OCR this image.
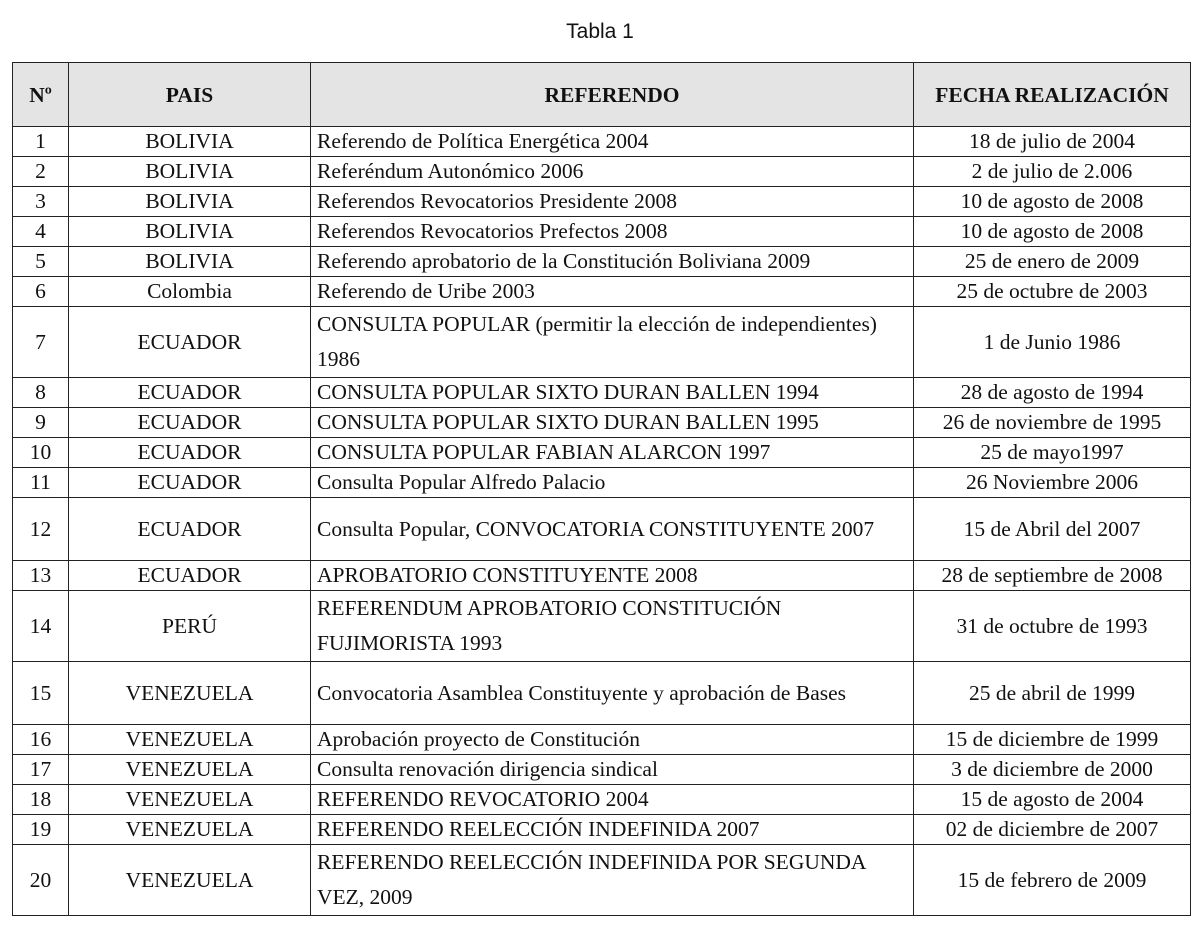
Tabla 1
Nº	PAIS	REFERENDO	FECHA REALIZACIÓN
1	BOLIVIA	Referendo de Política Energética 2004	18 de julio de 2004
2	BOLIVIA	Referéndum Autonómico 2006	2 de julio de 2.006
3	BOLIVIA	Referendos Revocatorios Presidente 2008	10 de agosto de 2008
4	BOLIVIA	Referendos Revocatorios Prefectos 2008	10 de agosto de 2008
5	BOLIVIA	Referendo aprobatorio de la Constitución Boliviana 2009	25 de enero de 2009
6	Colombia	Referendo de Uribe 2003	25 de octubre de 2003
7	ECUADOR	CONSULTA POPULAR (permitir la elección de independientes) 1986	1 de Junio 1986
8	ECUADOR	CONSULTA POPULAR SIXTO DURAN BALLEN 1994	28 de agosto de 1994
9	ECUADOR	CONSULTA POPULAR SIXTO DURAN BALLEN 1995	26 de noviembre de 1995
10	ECUADOR	CONSULTA POPULAR FABIAN ALARCON 1997	25 de mayo1997
11	ECUADOR	Consulta Popular Alfredo Palacio	26 Noviembre 2006
12	ECUADOR	Consulta Popular, CONVOCATORIA CONSTITUYENTE 2007	15 de Abril del 2007
13	ECUADOR	APROBATORIO CONSTITUYENTE 2008	28 de septiembre de 2008
14	PERÚ	REFERENDUM APROBATORIO CONSTITUCIÓN FUJIMORISTA 1993	31 de octubre de 1993
15	VENEZUELA	Convocatoria Asamblea Constituyente y aprobación de Bases	25 de abril de 1999
16	VENEZUELA	Aprobación proyecto de Constitución	15 de diciembre de 1999
17	VENEZUELA	Consulta renovación dirigencia sindical	3 de diciembre de 2000
18	VENEZUELA	REFERENDO REVOCATORIO 2004	15 de agosto de 2004
19	VENEZUELA	REFERENDO REELECCIÓN INDEFINIDA 2007	02 de diciembre de 2007
20	VENEZUELA	REFERENDO REELECCIÓN INDEFINIDA POR SEGUNDA VEZ, 2009	15 de febrero de 2009
